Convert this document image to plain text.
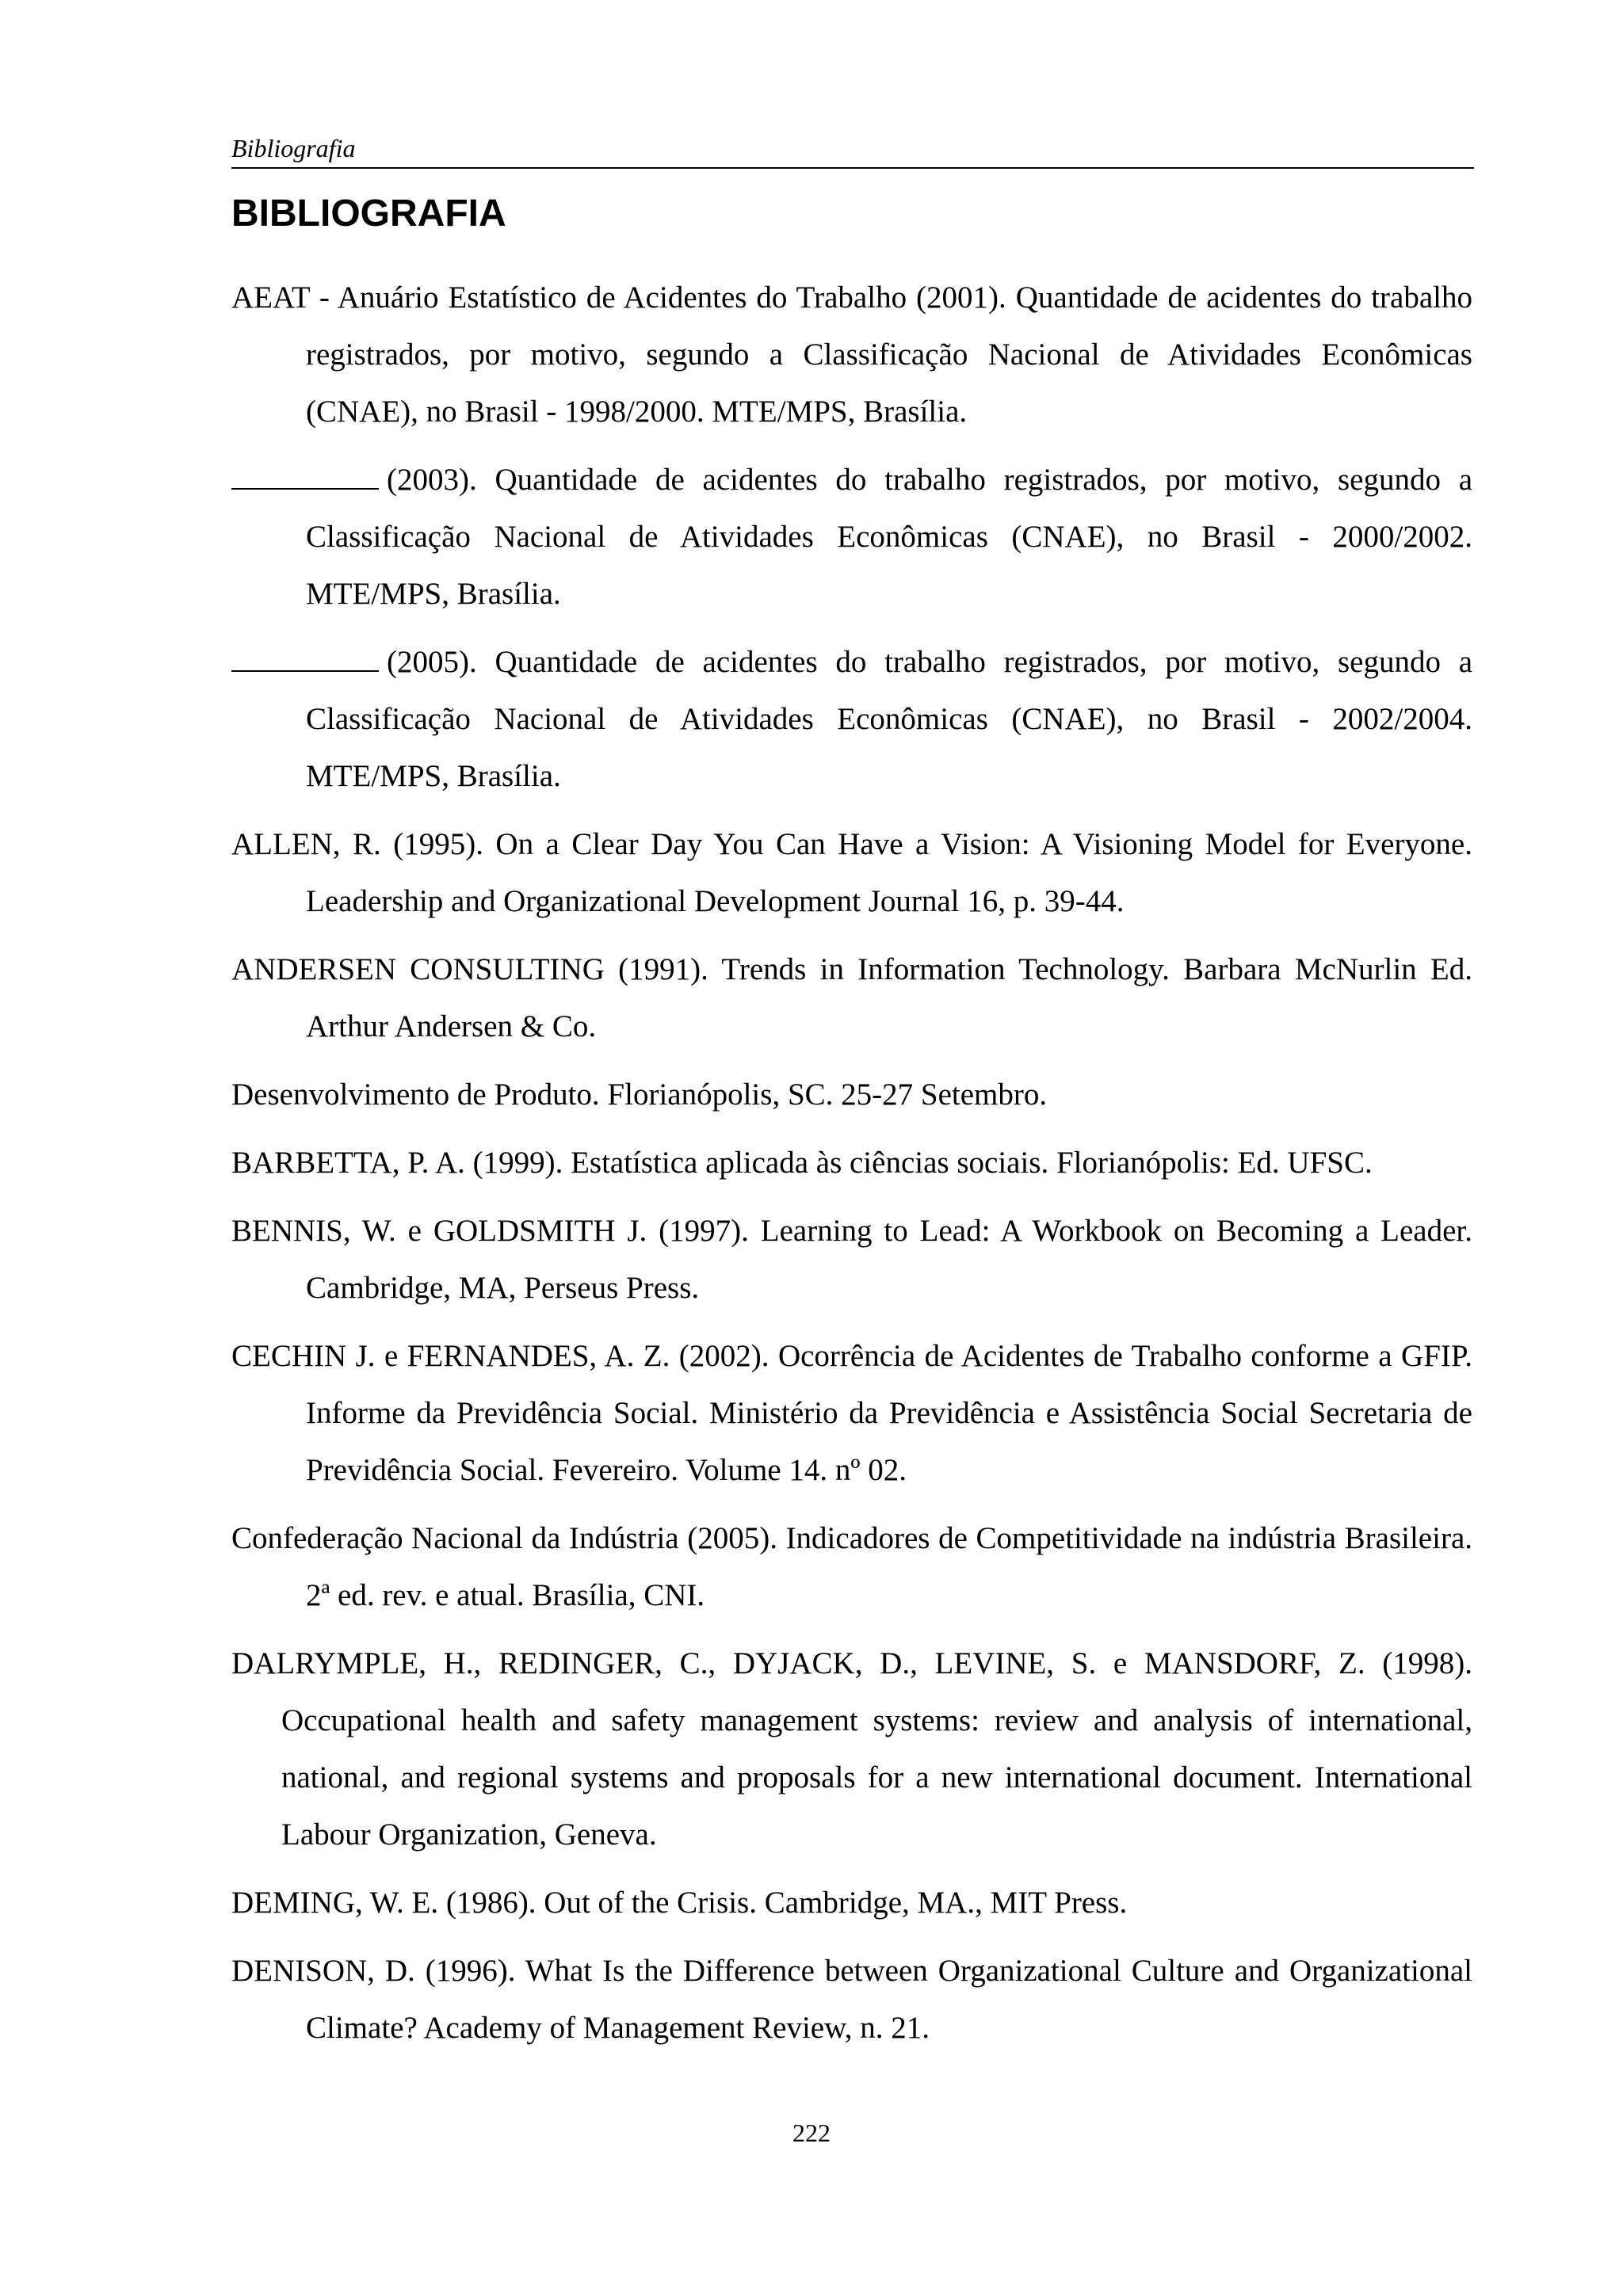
Bibliografia
BIBLIOGRAFIA
AEAT - Anuário Estatístico de Acidentes do Trabalho (2001). Quantidade de acidentes do trabalho registrados, por motivo, segundo a Classificação Nacional de Atividades Econômicas (CNAE), no Brasil - 1998/2000. MTE/MPS, Brasília.
(2003). Quantidade de acidentes do trabalho registrados, por motivo, segundo a Classificação Nacional de Atividades Econômicas (CNAE), no Brasil - 2000/2002. MTE/MPS, Brasília.
(2005). Quantidade de acidentes do trabalho registrados, por motivo, segundo a Classificação Nacional de Atividades Econômicas (CNAE), no Brasil - 2002/2004. MTE/MPS, Brasília.
ALLEN, R. (1995). On a Clear Day You Can Have a Vision: A Visioning Model for Everyone. Leadership and Organizational Development Journal 16, p. 39-44.
ANDERSEN CONSULTING (1991). Trends in Information Technology. Barbara McNurlin Ed. Arthur Andersen & Co.
Desenvolvimento de Produto. Florianópolis, SC. 25-27 Setembro.
BARBETTA, P. A. (1999). Estatística aplicada às ciências sociais. Florianópolis: Ed. UFSC.
BENNIS, W. e GOLDSMITH J. (1997). Learning to Lead: A Workbook on Becoming a Leader. Cambridge, MA, Perseus Press.
CECHIN J. e FERNANDES, A. Z. (2002). Ocorrência de Acidentes de Trabalho conforme a GFIP. Informe da Previdência Social. Ministério da Previdência e Assistência Social Secretaria de Previdência Social. Fevereiro. Volume 14. nº 02.
Confederação Nacional da Indústria (2005). Indicadores de Competitividade na indústria Brasileira. 2ª ed. rev. e atual. Brasília, CNI.
DALRYMPLE, H., REDINGER, C., DYJACK, D., LEVINE, S. e MANSDORF, Z. (1998). Occupational health and safety management systems: review and analysis of international, national, and regional systems and proposals for a new international document. International Labour Organization, Geneva.
DEMING, W. E. (1986). Out of the Crisis. Cambridge, MA., MIT Press.
DENISON, D. (1996). What Is the Difference between Organizational Culture and Organizational Climate? Academy of Management Review, n. 21.
222
